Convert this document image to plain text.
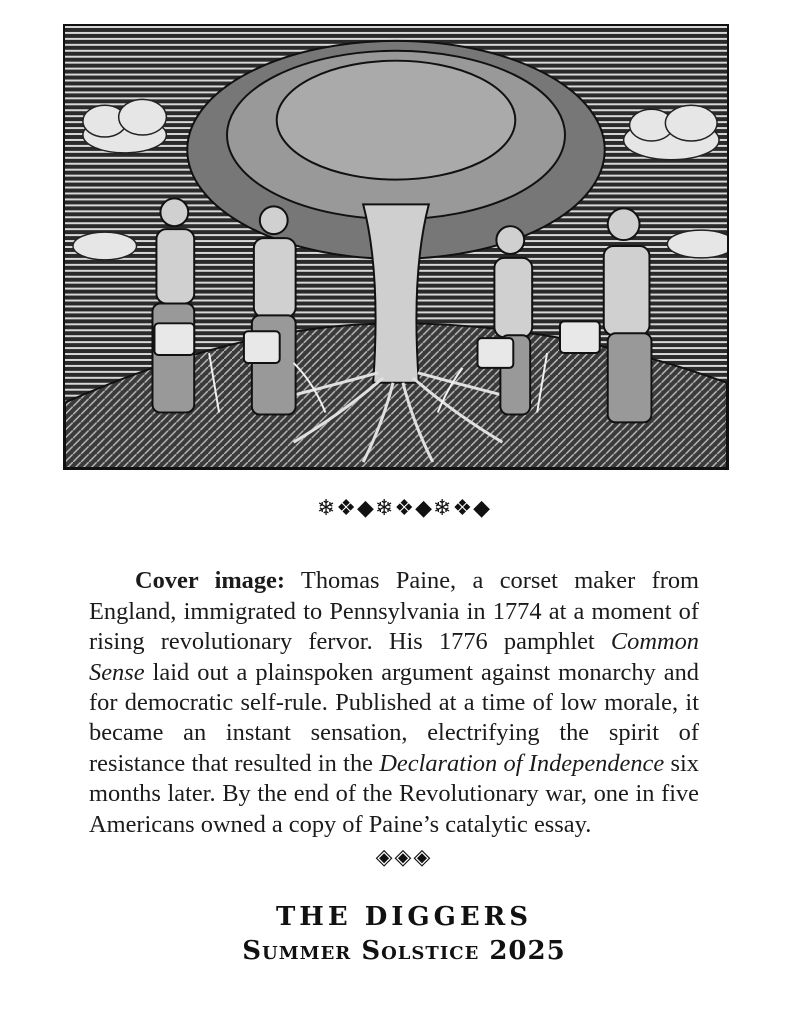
❄❖◆❄❖◆❄❖◆

Cover image: Thomas Paine, a corset maker from England, immigrated to Pennsylvania in 1774 at a moment of rising revolutionary fervor. His 1776 pamphlet Common Sense laid out a plainspoken argument against monarchy and for democratic self-rule. Published at a time of low morale, it became an instant sensation, electrifying the spirit of resistance that resulted in the Declaration of Independence six months later. By the end of the Revolutionary war, one in five Americans owned a copy of Paine’s catalytic essay.

◈◈◈
THE DIGGERS
Summer Solstice 2025
